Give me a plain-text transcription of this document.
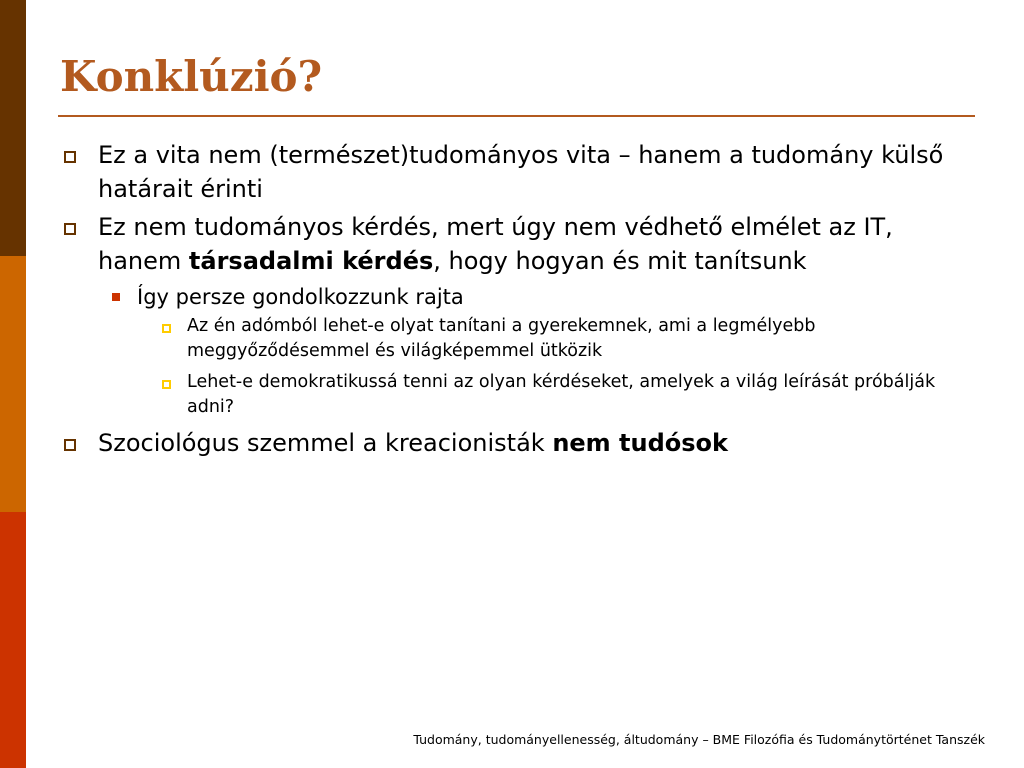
Konklúzió?
Ez a vita nem (természet)tudományos vita – hanem a tudomány külső határait érinti
Ez nem tudományos kérdés, mert úgy nem védhető elmélet az IT, hanem társadalmi kérdés, hogy hogyan és mit tanítsunk
Így persze gondolkozzunk rajta
Az én adómból lehet-e olyat tanítani a gyerekemnek, ami a legmélyebb meggyőződésemmel és világképemmel ütközik
Lehet-e demokratikussá tenni az olyan kérdéseket, amelyek a világ leírását próbálják adni?
Szociológus szemmel a kreacionisták nem tudósok
Tudomány, tudományellenesség, áltudomány – BME Filozófia és Tudománytörténet Tanszék
